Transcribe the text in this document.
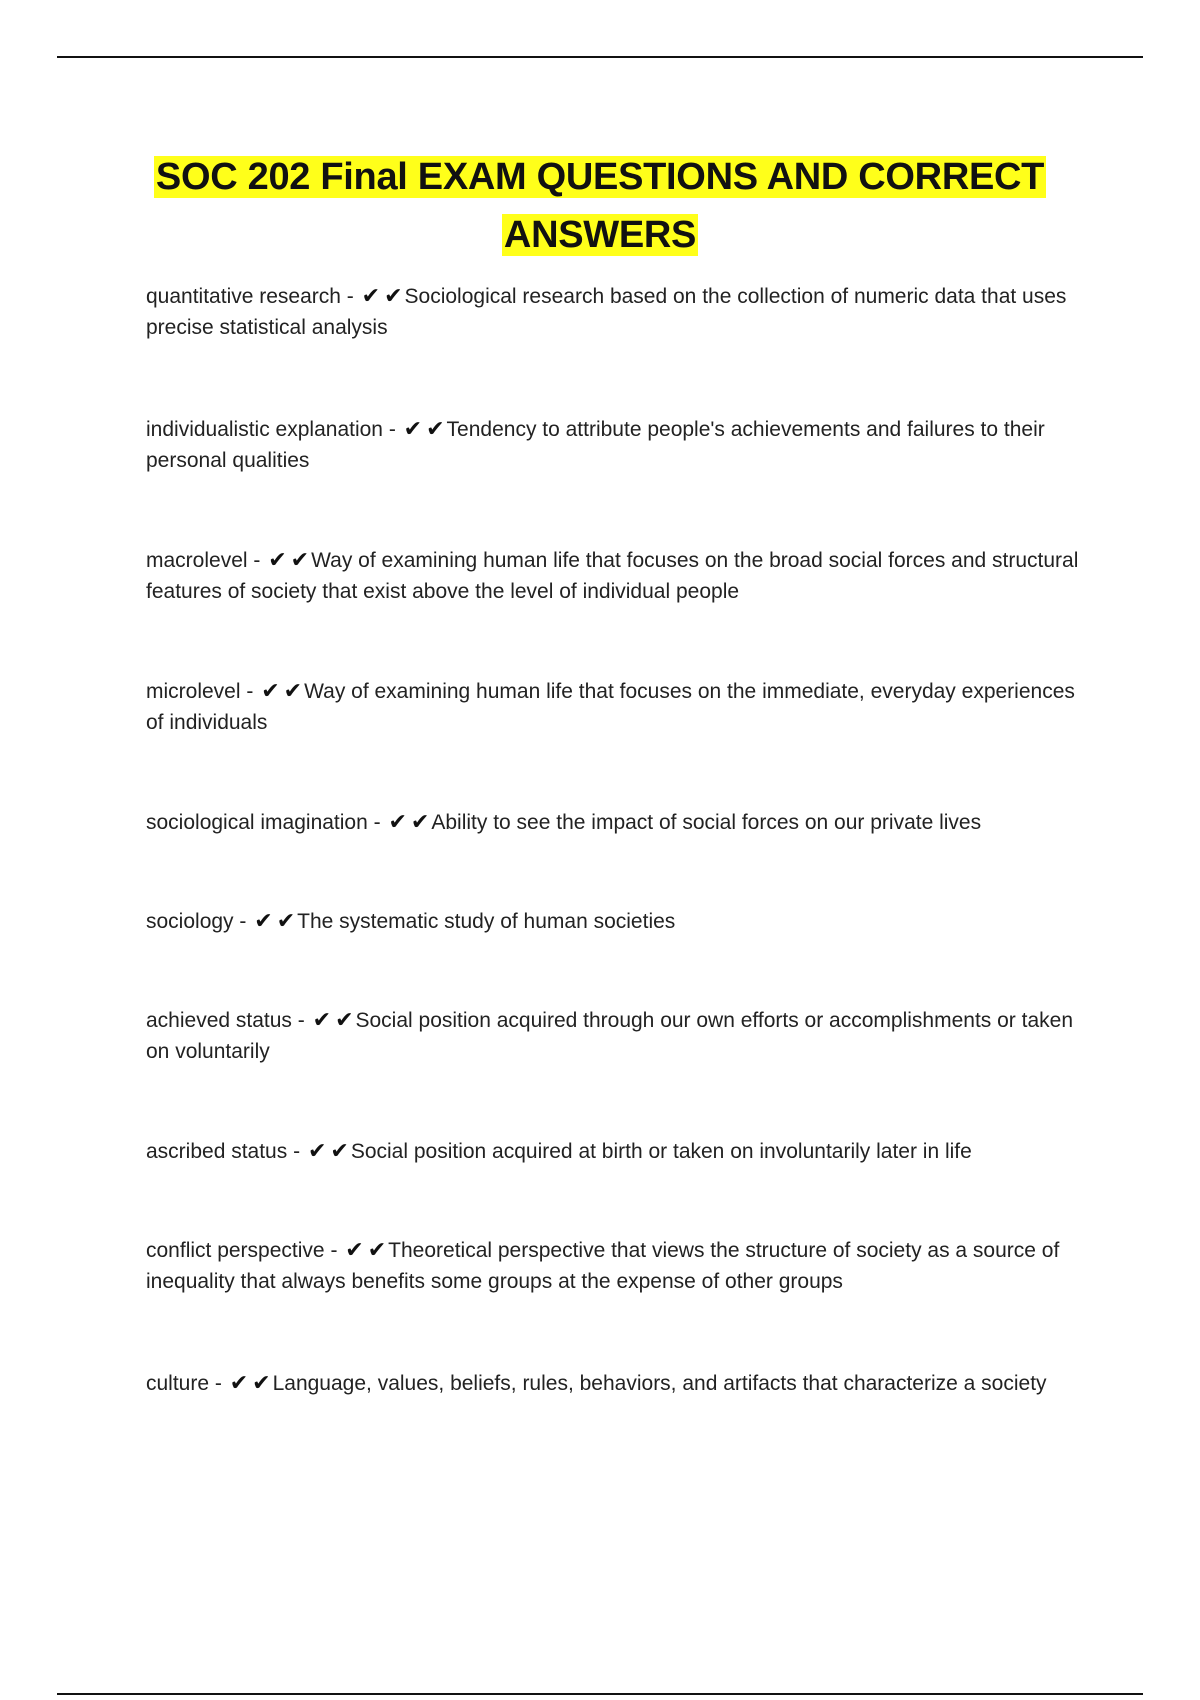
SOC 202 Final EXAM QUESTIONS AND CORRECT ANSWERS
quantitative research - ✔ ✔Sociological research based on the collection of numeric data that uses precise statistical analysis
individualistic explanation - ✔ ✔Tendency to attribute people's achievements and failures to their personal qualities
macrolevel - ✔ ✔Way of examining human life that focuses on the broad social forces and structural features of society that exist above the level of individual people
microlevel - ✔ ✔Way of examining human life that focuses on the immediate, everyday experiences of individuals
sociological imagination - ✔ ✔Ability to see the impact of social forces on our private lives
sociology - ✔ ✔The systematic study of human societies
achieved status - ✔ ✔Social position acquired through our own efforts or accomplishments or taken on voluntarily
ascribed status - ✔ ✔Social position acquired at birth or taken on involuntarily later in life
conflict perspective - ✔ ✔Theoretical perspective that views the structure of society as a source of inequality that always benefits some groups at the expense of other groups
culture - ✔ ✔Language, values, beliefs, rules, behaviors, and artifacts that characterize a society
